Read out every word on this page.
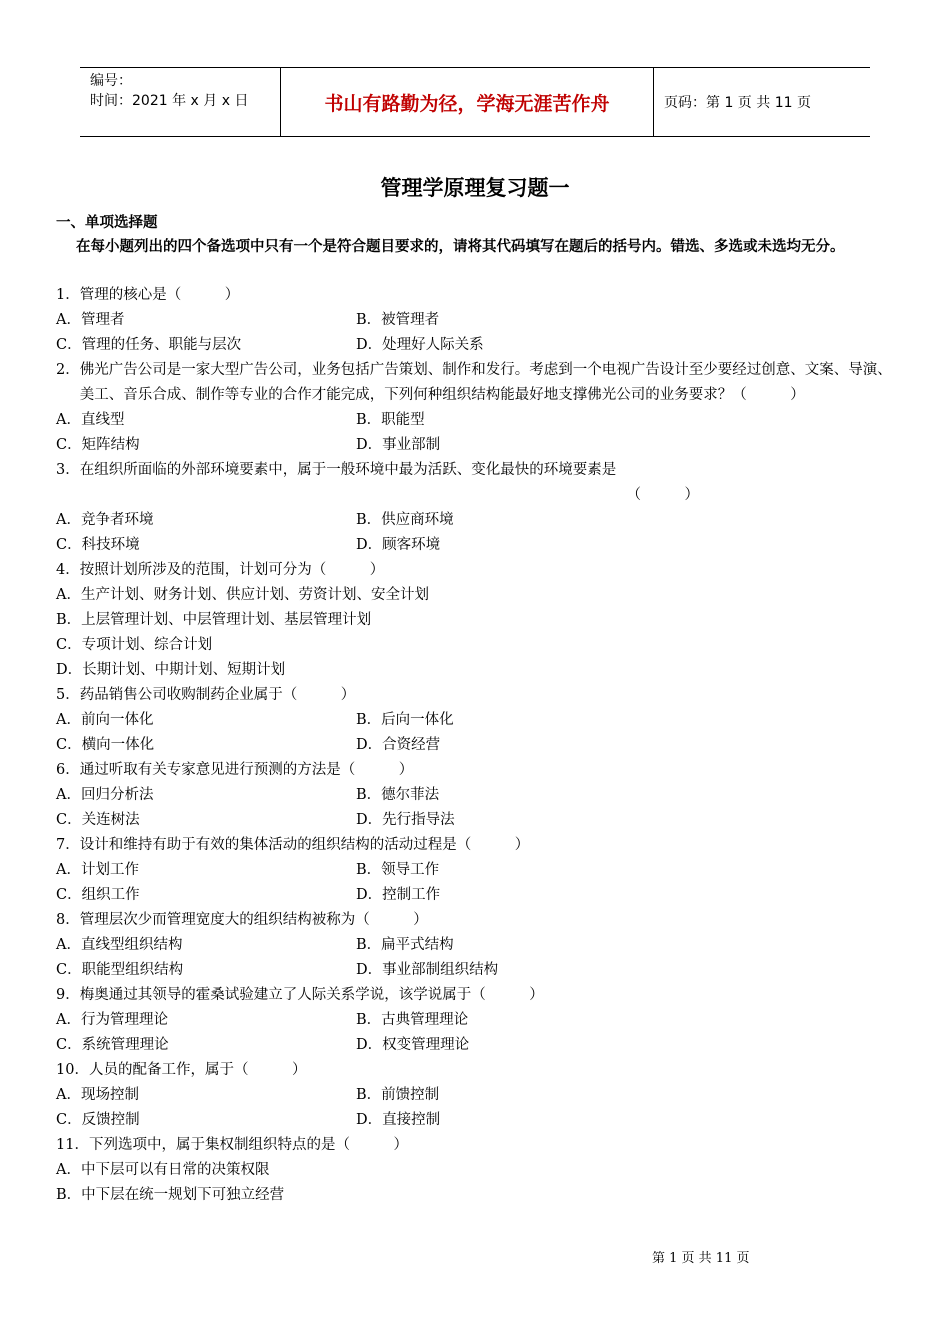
编号：
时间：2021 年 x 月 x 日	书山有路勤为径，学海无涯苦作舟	页码：第 1 页 共 11 页
管理学原理复习题一
一、单项选择题
在每小题列出的四个备选项中只有一个是符合题目要求的，请将其代码填写在题后的括号内。错选、多选或未选均无分。
1． 管理的核心是（　　　）
A．管理者	B．被管理者
C．管理的任务、职能与层次	D．处理好人际关系
2． 佛光广告公司是一家大型广告公司，业务包括广告策划、制作和发行。考虑到一个电视广告设计至少要经过创意、文案、导演、美工、音乐合成、制作等专业的合作才能完成，下列何种组织结构能最好地支撑佛光公司的业务要求？（　　　）
A．直线型	B．职能型
C．矩阵结构	D．事业部制
3． 在组织所面临的外部环境要素中，属于一般环境中最为活跃、变化最快的环境要素是
（　　　）
A．竞争者环境	B．供应商环境
C．科技环境	D．顾客环境
4． 按照计划所涉及的范围，计划可分为（　　　）
A．生产计划、财务计划、供应计划、劳资计划、安全计划
B．上层管理计划、中层管理计划、基层管理计划
C．专项计划、综合计划
D．长期计划、中期计划、短期计划
5． 药品销售公司收购制药企业属于（　　　）
A．前向一体化	B．后向一体化
C．横向一体化	D．合资经营
6． 通过听取有关专家意见进行预测的方法是（　　　）
A．回归分析法	B．德尔菲法
C．关连树法	D．先行指导法
7． 设计和维持有助于有效的集体活动的组织结构的活动过程是（　　　）
A．计划工作	B．领导工作
C．组织工作	D．控制工作
8． 管理层次少而管理宽度大的组织结构被称为（　　　）
A．直线型组织结构	B．扁平式结构
C．职能型组织结构	D．事业部制组织结构
9． 梅奥通过其领导的霍桑试验建立了人际关系学说，该学说属于（　　　）
A．行为管理理论	B．古典管理理论
C．系统管理理论	D．权变管理理论
10． 人员的配备工作，属于（　　　）
A．现场控制	B．前馈控制
C．反馈控制	D．直接控制
11． 下列选项中，属于集权制组织特点的是（　　　）
A．中下层可以有日常的决策权限
B．中下层在统一规划下可独立经营
第 1 页 共 11 页
